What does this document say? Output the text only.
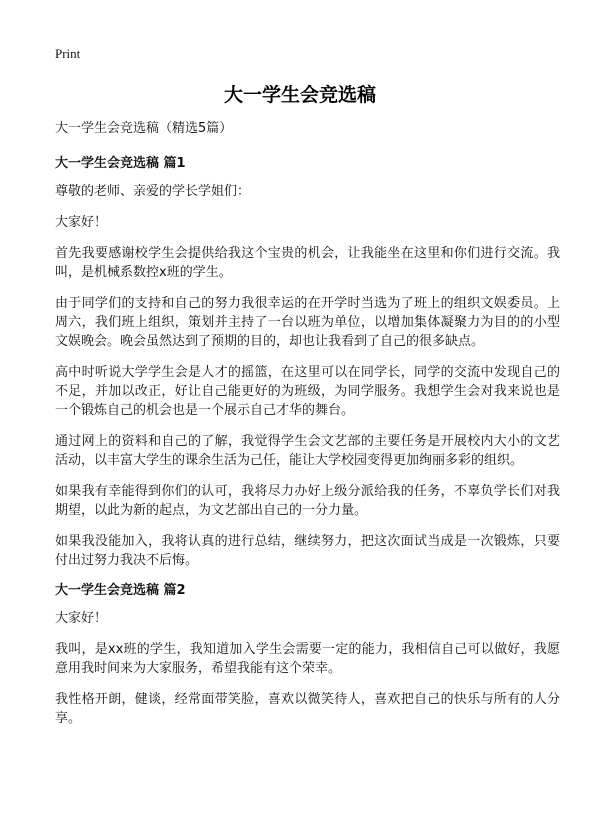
Print
大一学生会竞选稿

大一学生会竞选稿（精选5篇）

大一学生会竞选稿 篇1

尊敬的老师、亲爱的学长学姐们：

大家好！

首先我要感谢校学生会提供给我这个宝贵的机会，让我能坐在这里和你们进行交流。我叫，是机械系数控x班的学生。

由于同学们的支持和自己的努力我很幸运的在开学时当选为了班上的组织文娱委员。上周六，我们班上组织，策划并主持了一台以班为单位，以增加集体凝聚力为目的的小型文娱晚会。晚会虽然达到了预期的目的，却也让我看到了自己的很多缺点。

高中时听说大学学生会是人才的摇篮，在这里可以在同学长，同学的交流中发现自己的不足，并加以改正，好让自己能更好的为班级，为同学服务。我想学生会对我来说也是一个锻炼自己的机会也是一个展示自己才华的舞台。

通过网上的资料和自己的了解，我觉得学生会文艺部的主要任务是开展校内大小的文艺活动，以丰富大学生的课余生活为己任，能让大学校园变得更加绚丽多彩的组织。

如果我有幸能得到你们的认可，我将尽力办好上级分派给我的任务，不辜负学长们对我期望，以此为新的起点，为文艺部出自己的一分力量。

如果我没能加入，我将认真的进行总结，继续努力，把这次面试当成是一次锻炼，只要付出过努力我决不后悔。

大一学生会竞选稿 篇2

大家好！

我叫，是xx班的学生，我知道加入学生会需要一定的能力，我相信自己可以做好，我愿意用我时间来为大家服务，希望我能有这个荣幸。

我性格开朗，健谈，经常面带笑脸，喜欢以微笑待人，喜欢把自己的快乐与所有的人分享。
